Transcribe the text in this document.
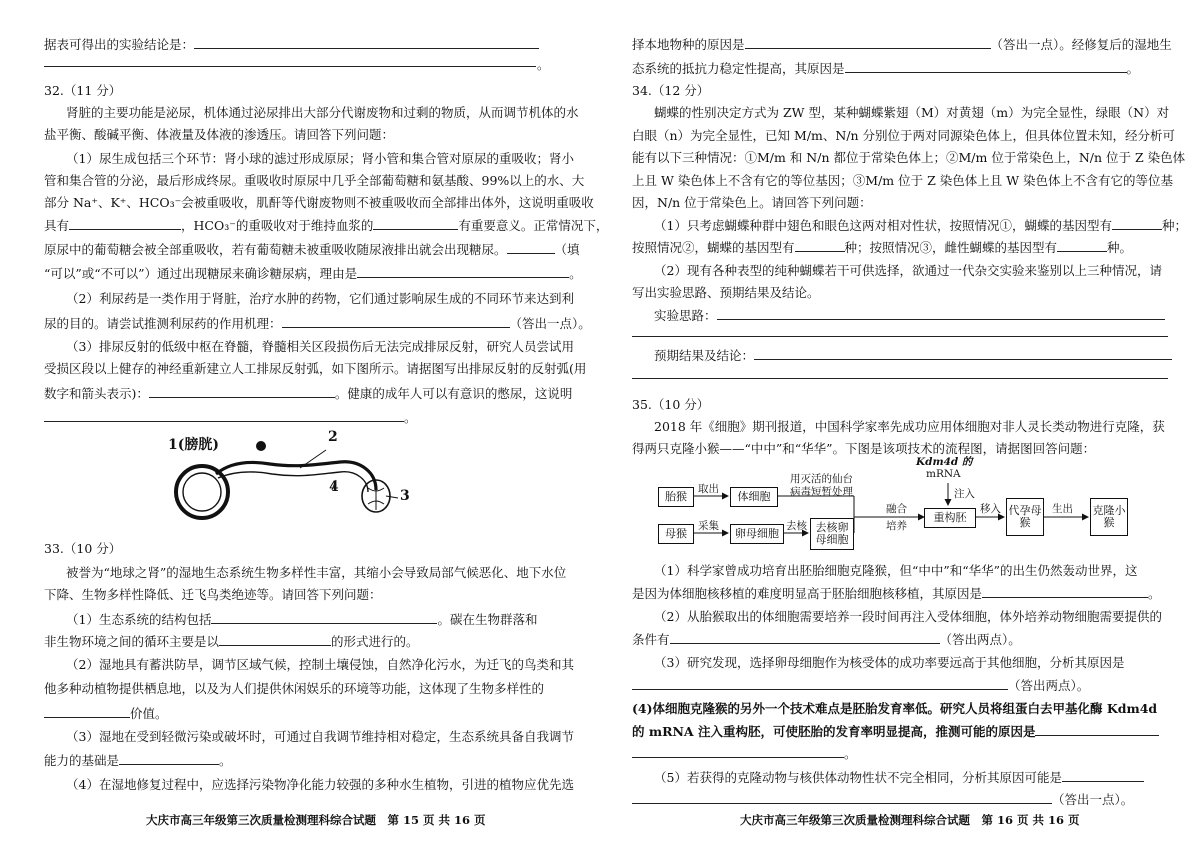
据表可得出的实验结论是：
。
32.（11 分）
肾脏的主要功能是泌尿，机体通过泌尿排出大部分代谢废物和过剩的物质，从而调节机体的水
盐平衡、酸碱平衡、体液量及体液的渗透压。请回答下列问题：
（1）尿生成包括三个环节：肾小球的滤过形成原尿；肾小管和集合管对原尿的重吸收；肾小
管和集合管的分泌，最后形成终尿。重吸收时原尿中几乎全部葡萄糖和氨基酸、99%以上的水、大
部分 Na⁺、K⁺、HCO₃⁻会被重吸收，肌酐等代谢废物则不被重吸收而全部排出体外，这说明重吸收
具有	，HCO₃⁻的重吸收对于维持血浆的	有重要意义。正常情况下，
原尿中的葡萄糖会被全部重吸收，若有葡萄糖未被重吸收随尿液排出就会出现糖尿。	（填
“可以”或“不可以”）通过出现糖尿来确诊糖尿病，理由是	。
（2）利尿药是一类作用于肾脏，治疗水肿的药物，它们通过影响尿生成的不同环节来达到利
尿的目的。请尝试推测利尿药的作用机理：	（答出一点）。
（3）排尿反射的低级中枢在脊髓，脊髓相关区段损伤后无法完成排尿反射，研究人员尝试用
受损区段以上健存的神经重新建立人工排尿反射弧，如下图所示。请据图写出排尿反射的反射弧(用
数字和箭头表示)：	。健康的成年人可以有意识的憋尿，这说明
。
1(膀胱)	2
4
3
33.（10 分）
被誉为“地球之肾”的湿地生态系统生物多样性丰富，其缩小会导致局部气候恶化、地下水位
下降、生物多样性降低、迁飞鸟类绝迹等。请回答下列问题：
（1）生态系统的结构包括	。碳在生物群落和
非生物环境之间的循环主要是以	的形式进行的。
（2）湿地具有蓄洪防旱，调节区域气候，控制土壤侵蚀，自然净化污水，为迁飞的鸟类和其
他多种动植物提供栖息地，以及为人们提供休闲娱乐的环境等功能，这体现了生物多样性的
价值。
（3）湿地在受到轻微污染或破坏时，可通过自我调节维持相对稳定，生态系统具备自我调节
能力的基础是	。
（4）在湿地修复过程中，应选择污染物净化能力较强的多种水生植物，引进的植物应优先选
大庆市高三年级第三次质量检测理科综合试题　第 15 页 共 16 页
择本地物种的原因是	（答出一点）。经修复后的湿地生
态系统的抵抗力稳定性提高，其原因是	。
34.（12 分）
蝴蝶的性别决定方式为 ZW 型，某种蝴蝶紫翅（M）对黄翅（m）为完全显性，绿眼（N）对
白眼（n）为完全显性，已知 M/m、N/n 分别位于两对同源染色体上，但具体位置未知，经分析可
能有以下三种情况：①M/m 和 N/n 都位于常染色体上；②M/m 位于常染色上，N/n 位于 Z 染色体
上且 W 染色体上不含有它的等位基因；③M/m 位于 Z 染色体上且 W 染色体上不含有它的等位基
因，N/n 位于常染色上。请回答下列问题：
（1）只考虑蝴蝶种群中翅色和眼色这两对相对性状，按照情况①，蝴蝶的基因型有	种；
按照情况②，蝴蝶的基因型有	种；按照情况③，雌性蝴蝶的基因型有	种。
（2）现有各种表型的纯种蝴蝶若干可供选择，欲通过一代杂交实验来鉴别以上三种情况，请
写出实验思路、预期结果及结论。
实验思路：
预期结果及结论：
35.（10 分）
2018 年《细胞》期刊报道，中国科学家率先成功应用体细胞对非人灵长类动物进行克隆，获
得两只克隆小猴——“中中”和“华华”。下图是该项技术的流程图，请据图回答问题：
胎猴
取出
体细胞
用灭活的仙台
病毒短暂处理
Kdm4d 的
mRNA
注入
融合
培养
重构胚
移入 代孕母猴
生出 克隆小猴
母猴
采集
卵母细胞
去核 去核卵母细胞
（1）科学家曾成功培育出胚胎细胞克隆猴，但“中中”和“华华”的出生仍然轰动世界，这
是因为体细胞核移植的难度明显高于胚胎细胞核移植，其原因是	。
（2）从胎猴取出的体细胞需要培养一段时间再注入受体细胞，体外培养动物细胞需要提供的
条件有	（答出两点）。
（3）研究发现，选择卵母细胞作为核受体的成功率要远高于其他细胞，分析其原因是
（答出两点）。
(4)体细胞克隆猴的另外一个技术难点是胚胎发育率低。研究人员将组蛋白去甲基化酶 Kdm4d
的 mRNA 注入重构胚，可使胚胎的发育率明显提高，推测可能的原因是
。
（5）若获得的克隆动物与核供体动物性状不完全相同，分析其原因可能是
（答出一点）。
大庆市高三年级第三次质量检测理科综合试题　第 16 页 共 16 页
